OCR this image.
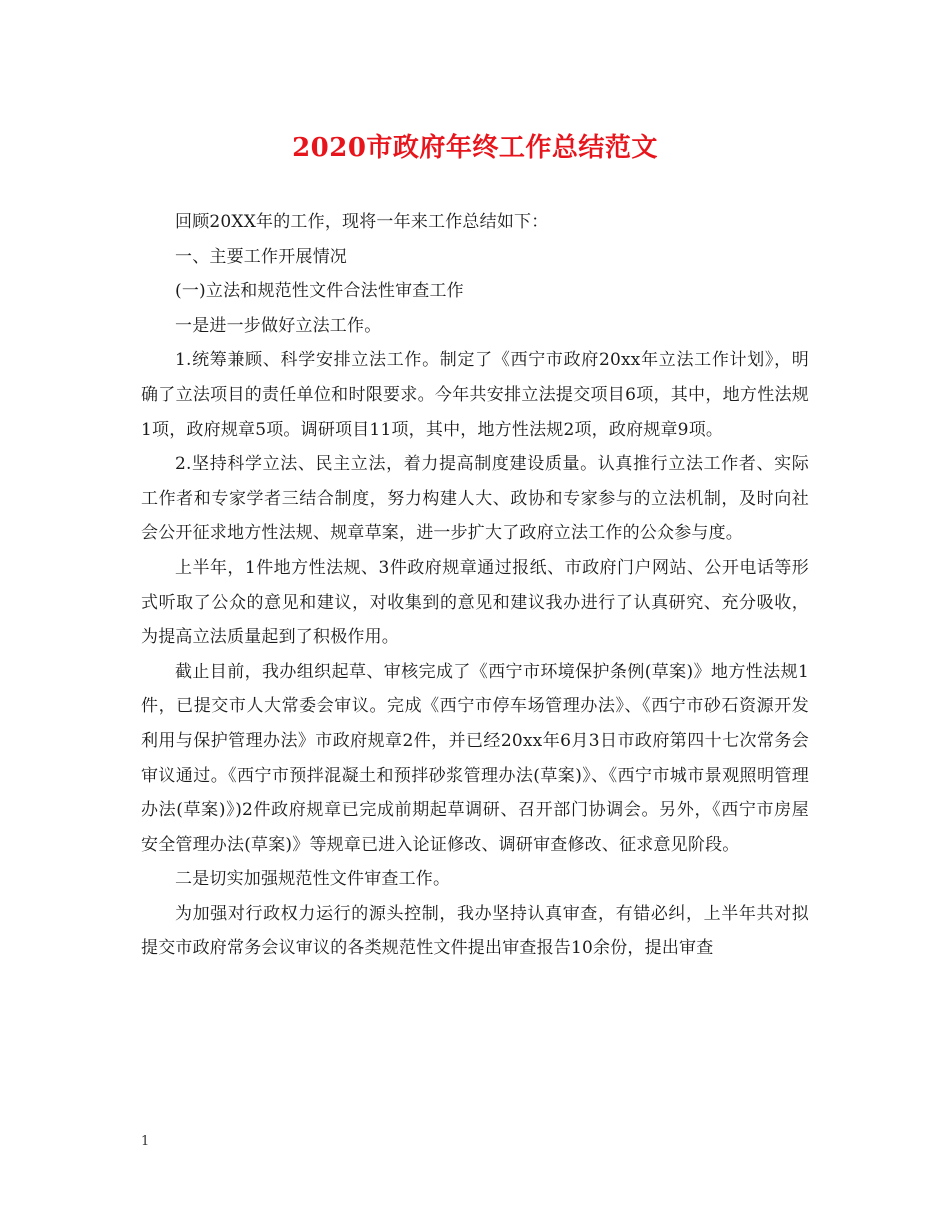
2020市政府年终工作总结范文

回顾20XX年的工作，现将一年来工作总结如下：

一、主要工作开展情况

(一)立法和规范性文件合法性审查工作

一是进一步做好立法工作。

1.统筹兼顾、科学安排立法工作。制定了《西宁市政府20xx年立法工作计划》，明确了立法项目的责任单位和时限要求。今年共安排立法提交项目6项，其中，地方性法规1项，政府规章5项。调研项目11项，其中，地方性法规2项，政府规章9项。

2.坚持科学立法、民主立法，着力提高制度建设质量。认真推行立法工作者、实际工作者和专家学者三结合制度，努力构建人大、政协和专家参与的立法机制，及时向社会公开征求地方性法规、规章草案，进一步扩大了政府立法工作的公众参与度。

上半年，1件地方性法规、3件政府规章通过报纸、市政府门户网站、公开电话等形式听取了公众的意见和建议，对收集到的意见和建议我办进行了认真研究、充分吸收，为提高立法质量起到了积极作用。

截止目前，我办组织起草、审核完成了《西宁市环境保护条例(草案)》地方性法规1件，已提交市人大常委会审议。完成《西宁市停车场管理办法》、《西宁市砂石资源开发利用与保护管理办法》市政府规章2件，并已经20xx年6月3日市政府第四十七次常务会审议通过。《西宁市预拌混凝土和预拌砂浆管理办法(草案)》、《西宁市城市景观照明管理办法(草案)》)2件政府规章已完成前期起草调研、召开部门协调会。另外，《西宁市房屋安全管理办法(草案)》等规章已进入论证修改、调研审查修改、征求意见阶段。

二是切实加强规范性文件审查工作。

为加强对行政权力运行的源头控制，我办坚持认真审查，有错必纠，上半年共对拟提交市政府常务会议审议的各类规范性文件提出审查报告10余份，提出审查

1
